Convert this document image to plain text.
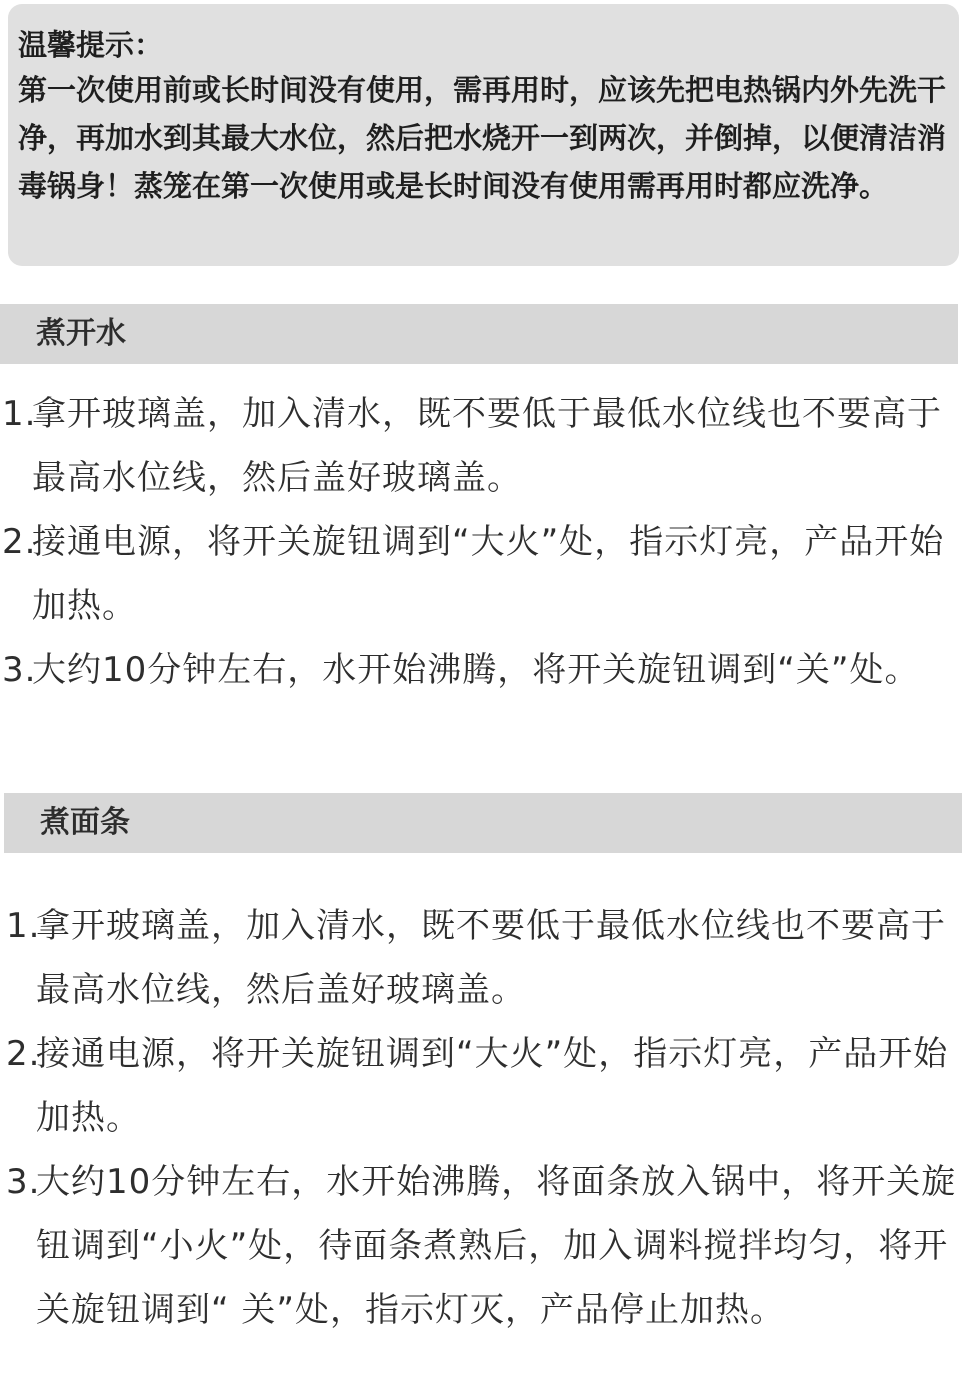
温馨提示：
第一次使用前或长时间没有使用，需再用时，应该先把电热锅内外先洗干净，再加水到其最大水位，然后把水烧开一到两次，并倒掉，以便清洁消毒锅身！蒸笼在第一次使用或是长时间没有使用需再用时都应洗净。
煮开水
1.
拿开玻璃盖，加入清水，既不要低于最低水位线也不要高于最高水位线，然后盖好玻璃盖。
2.
接通电源，将开关旋钮调到“大火”处，指示灯亮，产品开始加热。
3.
大约10分钟左右，水开始沸腾，将开关旋钮调到“关”处。
煮面条
1.
拿开玻璃盖，加入清水，既不要低于最低水位线也不要高于最高水位线，然后盖好玻璃盖。
2.
接通电源，将开关旋钮调到“大火”处，指示灯亮，产品开始加热。
3.
大约10分钟左右，水开始沸腾，将面条放入锅中，将开关旋钮调到“小火”处，待面条煮熟后，加入调料搅拌均匀，将开关旋钮调到“ 关”处，指示灯灭，产品停止加热。
